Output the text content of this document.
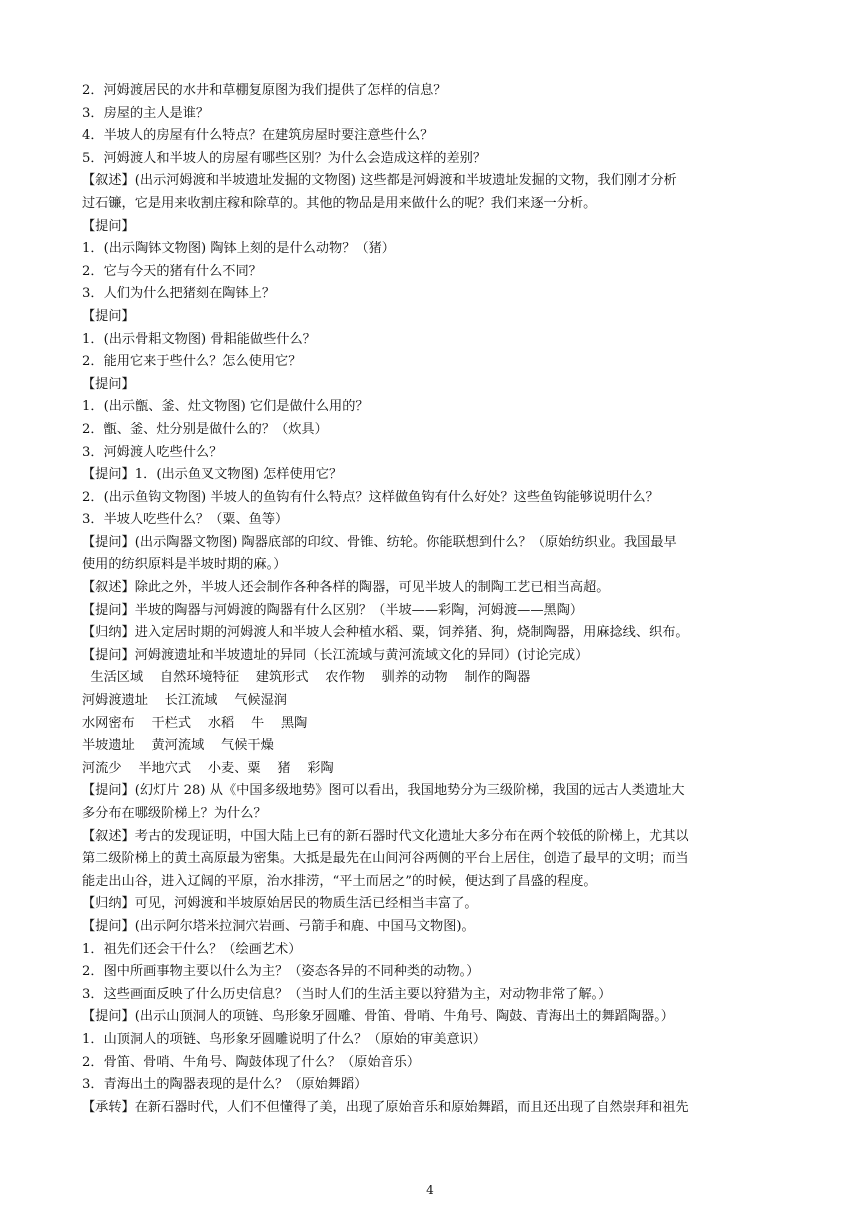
2．河姆渡居民的水井和草棚复原图为我们提供了怎样的信息？

3．房屋的主人是谁？

4．半坡人的房屋有什么特点？在建筑房屋时要注意些什么？

5．河姆渡人和半坡人的房屋有哪些区别？为什么会造成这样的差别？

【叙述】(出示河姆渡和半坡遗址发掘的文物图) 这些都是河姆渡和半坡遗址发掘的文物，我们刚才分析

过石镰，它是用来收割庄稼和除草的。其他的物品是用来做什么的呢？我们来逐一分析。

【提问】

1．(出示陶钵文物图) 陶钵上刻的是什么动物？（猪）

2．它与今天的猪有什么不同？

3．人们为什么把猪刻在陶钵上？

【提问】

1．(出示骨耜文物图) 骨耜能做些什么？

2．能用它来于些什么？怎么使用它？

【提问】

1．(出示甑、釜、灶文物图) 它们是做什么用的？

2．甑、釜、灶分别是做什么的？（炊具）

3．河姆渡人吃些什么？

【提问】1．(出示鱼叉文物图) 怎样使用它？

2．(出示鱼钩文物图) 半坡人的鱼钩有什么特点？这样做鱼钩有什么好处？这些鱼钩能够说明什么？

3．半坡人吃些什么？（粟、鱼等）

【提问】(出示陶器文物图) 陶器底部的印纹、骨锥、纺轮。你能联想到什么？（原始纺织业。我国最早

使用的纺织原料是半坡时期的麻。）

【叙述】除此之外，半坡人还会制作各种各样的陶器，可见半坡人的制陶工艺已相当高超。

【提问】半坡的陶器与河姆渡的陶器有什么区别？（半坡——彩陶，河姆渡——黑陶）

【归纳】进入定居时期的河姆渡人和半坡人会种植水稻、粟，饲养猪、狗，烧制陶器，用麻捻线、织布。

【提问】河姆渡遗址和半坡遗址的异同（长江流域与黄河流域文化的异同）(讨论完成）

生活区域    自然环境特征    建筑形式    农作物    驯养的动物    制作的陶器

河姆渡遗址    长江流域    气候湿润

水网密布    干栏式    水稻    牛    黑陶

半坡遗址    黄河流域    气候干燥

河流少    半地穴式    小麦、粟    猪    彩陶

【提问】(幻灯片 28) 从《中国多级地势》图可以看出，我国地势分为三级阶梯，我国的远古人类遗址大

多分布在哪级阶梯上？为什么？

【叙述】考古的发现证明，中国大陆上已有的新石器时代文化遗址大多分布在两个较低的阶梯上，尤其以

第二级阶梯上的黄土高原最为密集。大抵是最先在山间河谷两侧的平台上居住，创造了最早的文明；而当

能走出山谷，进入辽阔的平原，治水排涝，“平土而居之”的时候，便达到了昌盛的程度。

【归纳】可见，河姆渡和半坡原始居民的物质生活已经相当丰富了。

【提问】(出示阿尔塔米拉洞穴岩画、弓箭手和鹿、中国马文物图)。

1．祖先们还会干什么？（绘画艺术）

2．图中所画事物主要以什么为主？（姿态各异的不同种类的动物。）

3．这些画面反映了什么历史信息？（当时人们的生活主要以狩猎为主，对动物非常了解。）

【提问】(出示山顶洞人的项链、鸟形象牙圆雕、骨笛、骨哨、牛角号、陶鼓、青海出土的舞蹈陶器。）

1．山顶洞人的项链、鸟形象牙圆雕说明了什么？（原始的审美意识）

2．骨笛、骨哨、牛角号、陶鼓体现了什么？（原始音乐）

3．青海出土的陶器表现的是什么？（原始舞蹈）

【承转】在新石器时代，人们不但懂得了美，出现了原始音乐和原始舞蹈，而且还出现了自然崇拜和祖先

4
